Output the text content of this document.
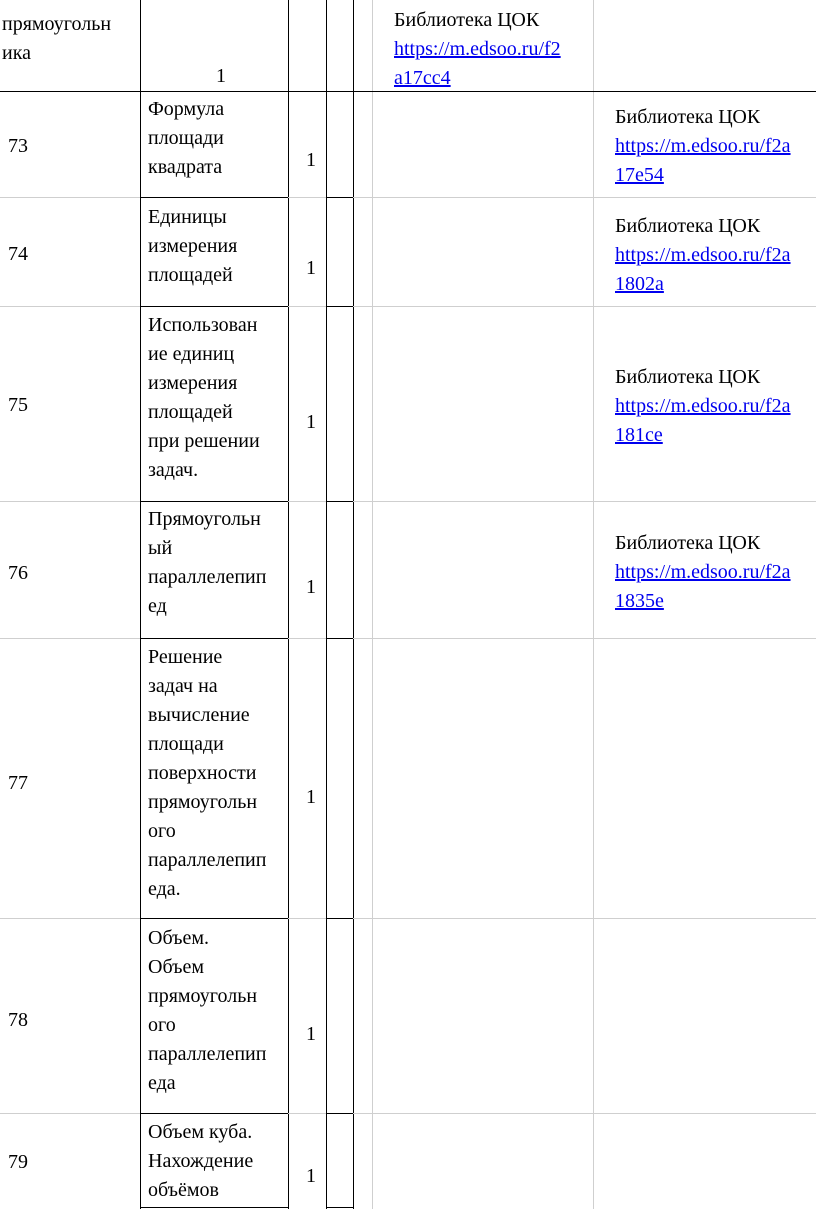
прямоугольн
ика
1
Библиотека ЦОК
https://m.edsoo.ru/f2
a17cc4
73
Формула
площади
квадрата	1
Библиотека ЦОК
https://m.edsoo.ru/f2a
17e54
74
Единицы
измерения
площадей	1
Библиотека ЦОК
https://m.edsoo.ru/f2a
1802a
75
Использован
ие единиц
измерения
площадей
при решении
задач.
1
Библиотека ЦОК
https://m.edsoo.ru/f2a
181ce
76
Прямоугольн
ый
параллелепип
ед
1
Библиотека ЦОК
https://m.edsoo.ru/f2a
1835e
77
Решение
задач на
вычисление
площади
поверхности
прямоугольн
ого
параллелепип
еда.
1
78
Объем.
Объем
прямоугольн
ого
параллелепип
еда
1
79
Объем куба.
Нахождение
объёмов
1
